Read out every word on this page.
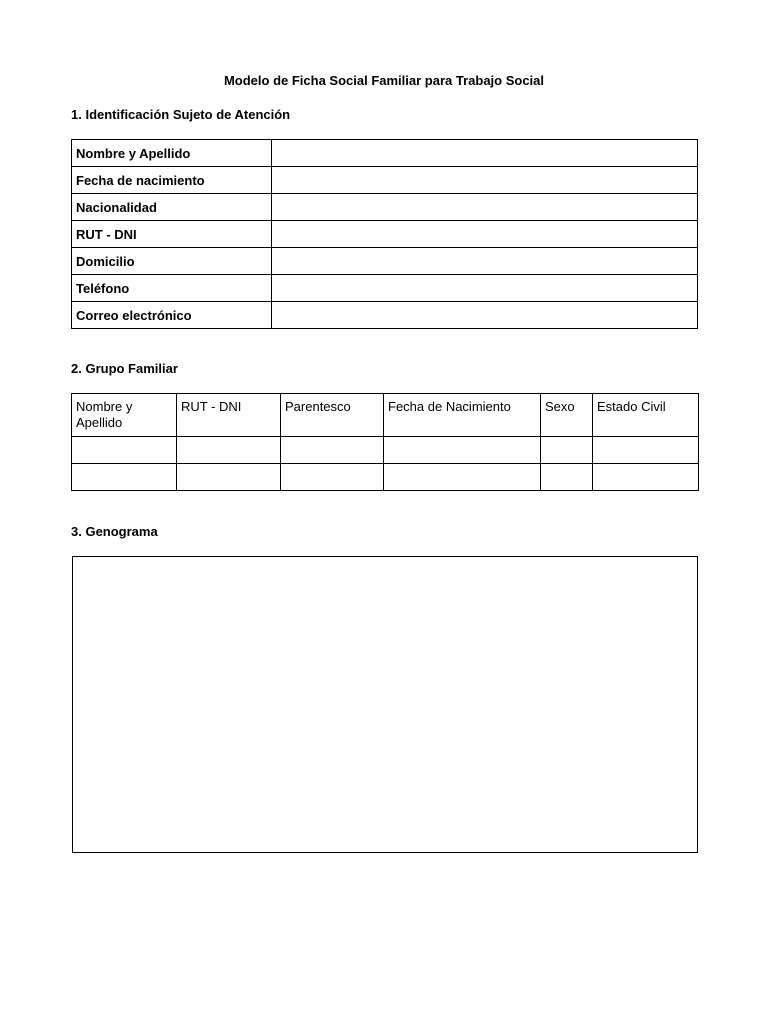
Modelo de Ficha Social Familiar para Trabajo Social
1. Identificación Sujeto de Atención
Nombre y Apellido	
Fecha de nacimiento	
Nacionalidad	
RUT - DNI	
Domicilio	
Teléfono	
Correo electrónico	
2. Grupo Familiar
Nombre y Apellido	RUT - DNI	Parentesco	Fecha de Nacimiento	Sexo	Estado Civil

3. Genograma
